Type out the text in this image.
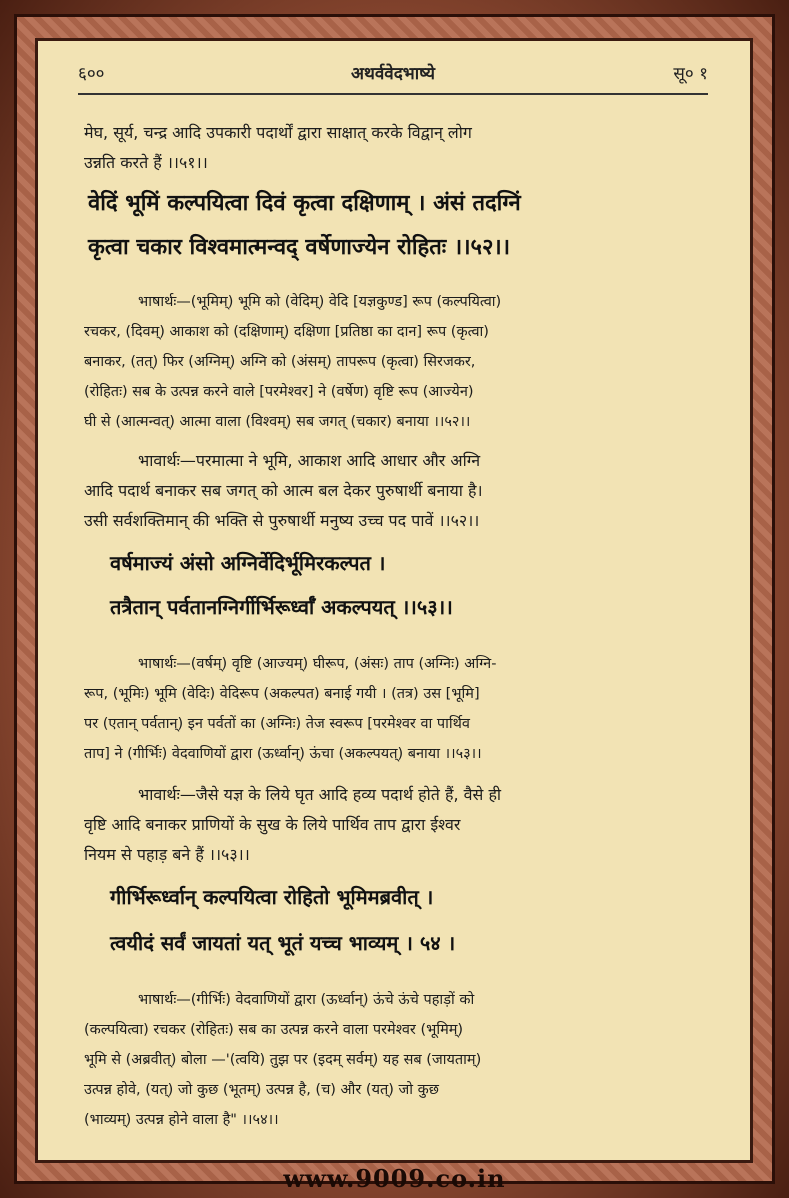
६००	अथर्ववेदभाष्ये	सू० १
मेघ, सूर्य, चन्द्र आदि उपकारी पदार्थों द्वारा साक्षात् करके विद्वान् लोग
उन्नति करते हैं ।।५१।।
वेदिं भूमिं कल्पयित्वा दिवं कृत्वा दक्षिणाम् । अंसं तदग्निं
कृत्वा चकार विश्वमात्मन्वद् वर्षेणाज्येन रोहितः ।।५२।।
भाषार्थः—(भूमिम्) भूमि को (वेदिम्) वेदि [यज्ञकुण्ड] रूप (कल्पयित्वा)
रचकर, (दिवम्) आकाश को (दक्षिणाम्) दक्षिणा [प्रतिष्ठा का दान] रूप (कृत्वा)
बनाकर, (तत्) फिर (अग्निम्) अग्नि को (अंसम्) तापरूप (कृत्वा) सिरजकर,
(रोहितः) सब के उत्पन्न करने वाले [परमेश्वर] ने (वर्षेण) वृष्टि रूप (आज्येन)
घी से (आत्मन्वत्) आत्मा वाला (विश्वम्) सब जगत् (चकार) बनाया ।।५२।।
भावार्थः—परमात्मा ने भूमि, आकाश आदि आधार और अग्नि
आदि पदार्थ बनाकर सब जगत् को आत्म बल देकर पुरुषार्थी बनाया है।
उसी सर्वशक्तिमान् की भक्ति से पुरुषार्थी मनुष्य उच्च पद पावें ।।५२।।
वर्षमाज्यं अंसो अग्निर्वेदिर्भूमिरकल्पत ।
तत्रैतान् पर्वतानग्निर्गीर्भिरूर्ध्वाँ अकल्पयत् ।।५३।।
भाषार्थः—(वर्षम्) वृष्टि (आज्यम्) घीरूप, (अंसः) ताप (अग्निः) अग्नि-
रूप, (भूमिः) भूमि (वेदिः) वेदिरूप (अकल्पत) बनाई गयी । (तत्र) उस [भूमि]
पर (एतान् पर्वतान्) इन पर्वतों का (अग्निः) तेज स्वरूप [परमेश्वर वा पार्थिव
ताप] ने (गीर्भिः) वेदवाणियों द्वारा (ऊर्ध्वान्) ऊंचा (अकल्पयत्) बनाया ।।५३।।
भावार्थः—जैसे यज्ञ के लिये घृत आदि हव्य पदार्थ होते हैं, वैसे ही
वृष्टि आदि बनाकर प्राणियों के सुख के लिये पार्थिव ताप द्वारा ईश्वर
नियम से पहाड़ बने हैं ।।५३।।
गीर्भिरूर्ध्वान् कल्पयित्वा रोहितो भूमिमब्रवीत् ।
त्वयीदं सर्वं जायतां यत् भूतं यच्च भाव्यम् । ५४ ।
भाषार्थः—(गीर्भिः) वेदवाणियों द्वारा (ऊर्ध्वान्) ऊंचे ऊंचे पहाड़ों को
(कल्पयित्वा) रचकर (रोहितः) सब का उत्पन्न करने वाला परमेश्वर (भूमिम्)
भूमि से (अब्रवीत्) बोला —'(त्वयि) तुझ पर (इदम् सर्वम्) यह सब (जायताम्)
उत्पन्न होवे, (यत्) जो कुछ (भूतम्) उत्पन्न है, (च) और (यत्) जो कुछ
(भाव्यम्) उत्पन्न होने वाला है" ।।५४।।
www.9009.co.in
